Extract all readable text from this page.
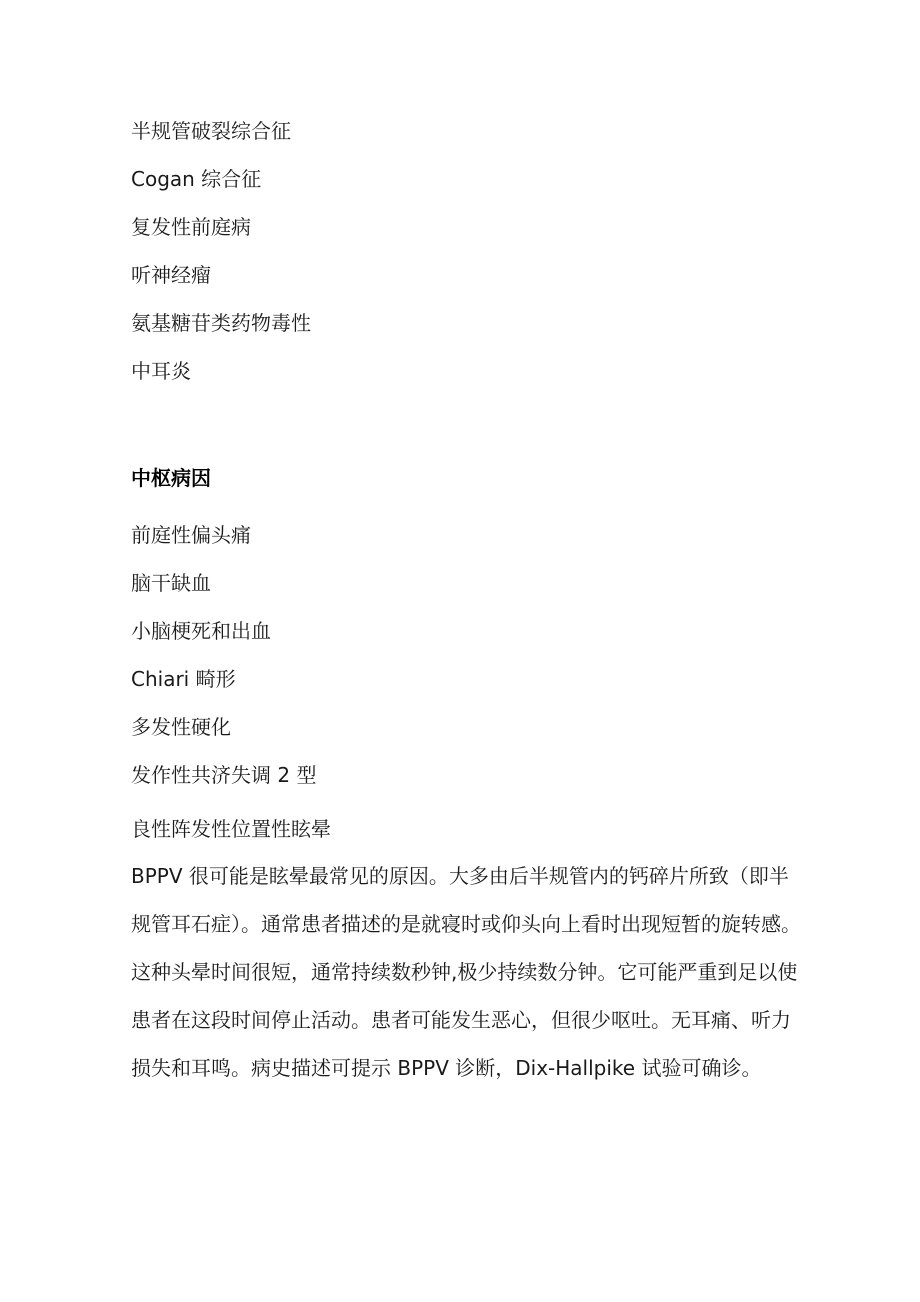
半规管破裂综合征

Cogan 综合征

复发性前庭病

听神经瘤

氨基糖苷类药物毒性

中耳炎

中枢病因

前庭性偏头痛

脑干缺血

小脑梗死和出血

Chiari 畸形

多发性硬化

发作性共济失调 2 型

良性阵发性位置性眩晕

BPPV 很可能是眩晕最常见的原因。大多由后半规管内的钙碎片所致（即半
规管耳石症）。通常患者描述的是就寝时或仰头向上看时出现短暂的旋转感。
这种头晕时间很短，通常持续数秒钟,极少持续数分钟。它可能严重到足以使
患者在这段时间停止活动。患者可能发生恶心，但很少呕吐。无耳痛、听力
损失和耳鸣。病史描述可提示 BPPV 诊断，Dix-Hallpike 试验可确诊。
